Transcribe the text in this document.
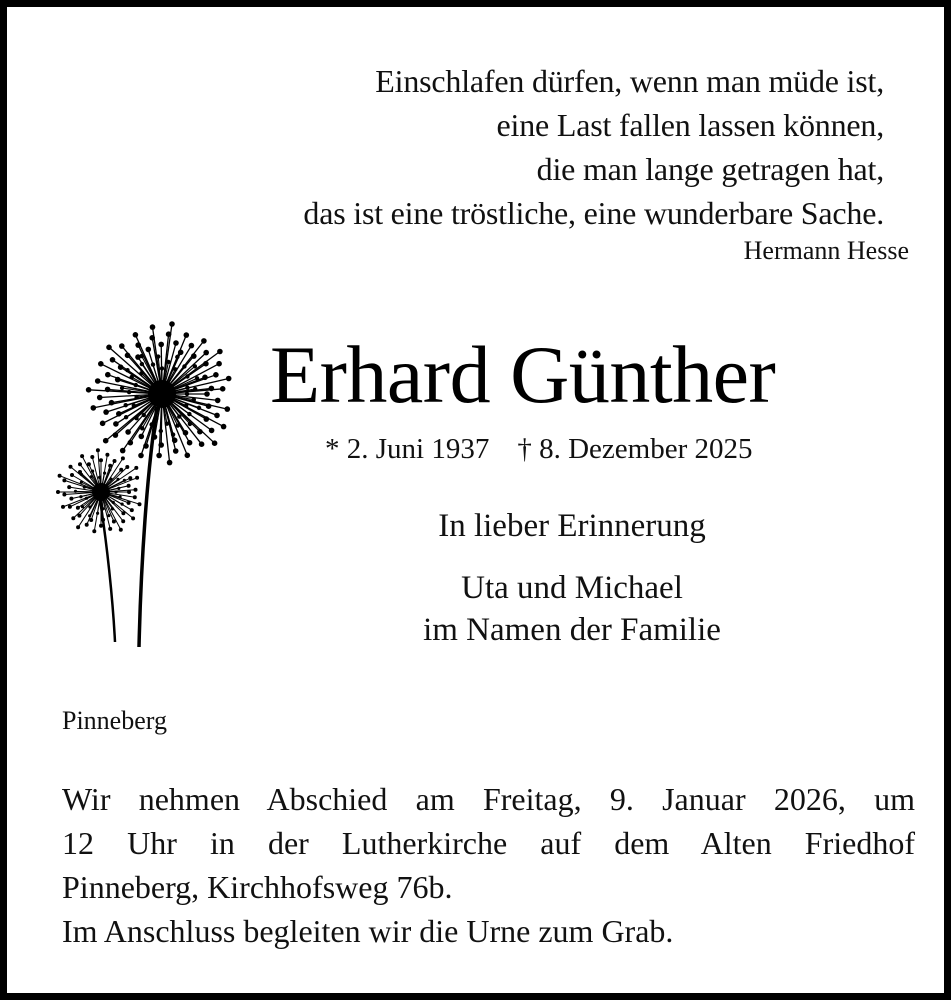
Einschlafen dürfen, wenn man müde ist,
eine Last fallen lassen können,
die man lange getragen hat,
das ist eine tröstliche, eine wunderbare Sache.
Hermann Hesse
Erhard Günther
* 2. Juni 1937 † 8. Dezember 2025
In lieber Erinnerung
Uta und Michael
im Namen der Familie
Pinneberg
Wir nehmen Abschied am Freitag, 9. Januar 2026, um
12 Uhr in der Lutherkirche auf dem Alten Friedhof
Pinneberg, Kirchhofsweg 76b.
Im Anschluss begleiten wir die Urne zum Grab.
